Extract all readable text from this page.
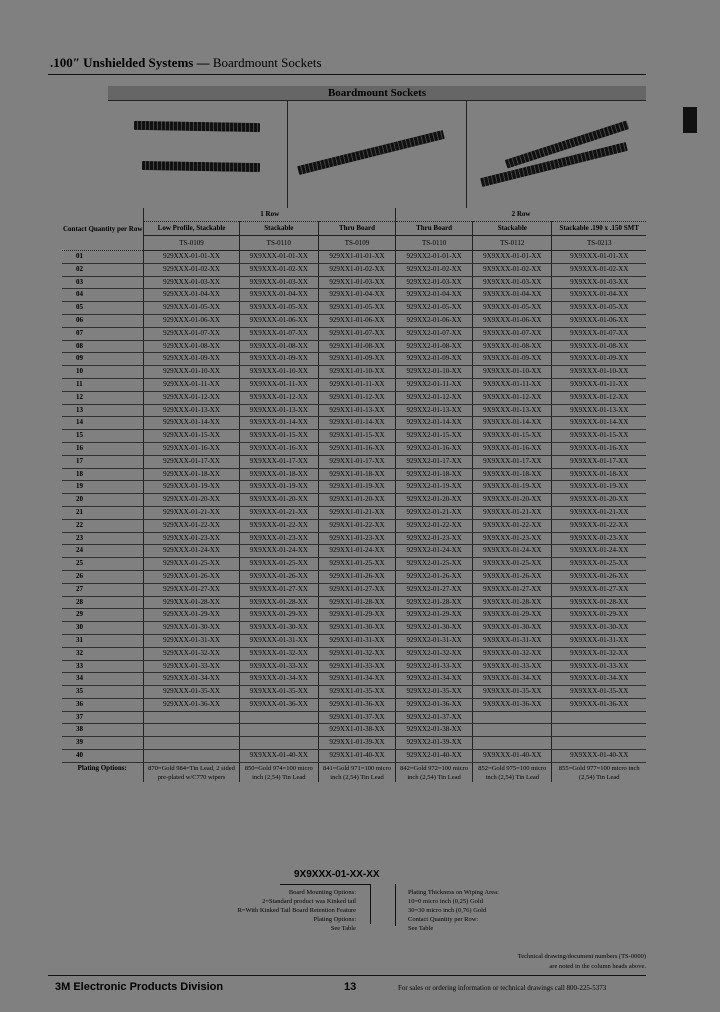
.100″ Unshielded Systems — Boardmount Sockets
Boardmount Sockets
Contact Quantity per Row	1 Row			2 Row		
	Low Profile, Stackable	Stackable	Thru Board	Thru Board	Stackable	Stackable .190 x .150 SMT
	TS-0109	TS-0110	TS-0109	TS-0110	TS-0112	TS-0213
01	929XXX-01-01-XX	9X9XXX-01-01-XX	929XX1-01-01-XX	929XX2-01-01-XX	9X9XXX-01-01-XX	9X9XXX-01-01-XX
02	929XXX-01-02-XX	9X9XXX-01-02-XX	929XX1-01-02-XX	929XX2-01-02-XX	9X9XXX-01-02-XX	9X9XXX-01-02-XX
03	929XXX-01-03-XX	9X9XXX-01-03-XX	929XX1-01-03-XX	929XX2-01-03-XX	9X9XXX-01-03-XX	9X9XXX-01-03-XX
04	929XXX-01-04-XX	9X9XXX-01-04-XX	929XX1-01-04-XX	929XX2-01-04-XX	9X9XXX-01-04-XX	9X9XXX-01-04-XX
05	929XXX-01-05-XX	9X9XXX-01-05-XX	929XX1-01-05-XX	929XX2-01-05-XX	9X9XXX-01-05-XX	9X9XXX-01-05-XX
06	929XXX-01-06-XX	9X9XXX-01-06-XX	929XX1-01-06-XX	929XX2-01-06-XX	9X9XXX-01-06-XX	9X9XXX-01-06-XX
07	929XXX-01-07-XX	9X9XXX-01-07-XX	929XX1-01-07-XX	929XX2-01-07-XX	9X9XXX-01-07-XX	9X9XXX-01-07-XX
08	929XXX-01-08-XX	9X9XXX-01-08-XX	929XX1-01-08-XX	929XX2-01-08-XX	9X9XXX-01-08-XX	9X9XXX-01-08-XX
09	929XXX-01-09-XX	9X9XXX-01-09-XX	929XX1-01-09-XX	929XX2-01-09-XX	9X9XXX-01-09-XX	9X9XXX-01-09-XX
10	929XXX-01-10-XX	9X9XXX-01-10-XX	929XX1-01-10-XX	929XX2-01-10-XX	9X9XXX-01-10-XX	9X9XXX-01-10-XX
11	929XXX-01-11-XX	9X9XXX-01-11-XX	929XX1-01-11-XX	929XX2-01-11-XX	9X9XXX-01-11-XX	9X9XXX-01-11-XX
12	929XXX-01-12-XX	9X9XXX-01-12-XX	929XX1-01-12-XX	929XX2-01-12-XX	9X9XXX-01-12-XX	9X9XXX-01-12-XX
13	929XXX-01-13-XX	9X9XXX-01-13-XX	929XX1-01-13-XX	929XX2-01-13-XX	9X9XXX-01-13-XX	9X9XXX-01-13-XX
14	929XXX-01-14-XX	9X9XXX-01-14-XX	929XX1-01-14-XX	929XX2-01-14-XX	9X9XXX-01-14-XX	9X9XXX-01-14-XX
15	929XXX-01-15-XX	9X9XXX-01-15-XX	929XX1-01-15-XX	929XX2-01-15-XX	9X9XXX-01-15-XX	9X9XXX-01-15-XX
16	929XXX-01-16-XX	9X9XXX-01-16-XX	929XX1-01-16-XX	929XX2-01-16-XX	9X9XXX-01-16-XX	9X9XXX-01-16-XX
17	929XXX-01-17-XX	9X9XXX-01-17-XX	929XX1-01-17-XX	929XX2-01-17-XX	9X9XXX-01-17-XX	9X9XXX-01-17-XX
18	929XXX-01-18-XX	9X9XXX-01-18-XX	929XX1-01-18-XX	929XX2-01-18-XX	9X9XXX-01-18-XX	9X9XXX-01-18-XX
19	929XXX-01-19-XX	9X9XXX-01-19-XX	929XX1-01-19-XX	929XX2-01-19-XX	9X9XXX-01-19-XX	9X9XXX-01-19-XX
20	929XXX-01-20-XX	9X9XXX-01-20-XX	929XX1-01-20-XX	929XX2-01-20-XX	9X9XXX-01-20-XX	9X9XXX-01-20-XX
21	929XXX-01-21-XX	9X9XXX-01-21-XX	929XX1-01-21-XX	929XX2-01-21-XX	9X9XXX-01-21-XX	9X9XXX-01-21-XX
22	929XXX-01-22-XX	9X9XXX-01-22-XX	929XX1-01-22-XX	929XX2-01-22-XX	9X9XXX-01-22-XX	9X9XXX-01-22-XX
23	929XXX-01-23-XX	9X9XXX-01-23-XX	929XX1-01-23-XX	929XX2-01-23-XX	9X9XXX-01-23-XX	9X9XXX-01-23-XX
24	929XXX-01-24-XX	9X9XXX-01-24-XX	929XX1-01-24-XX	929XX2-01-24-XX	9X9XXX-01-24-XX	9X9XXX-01-24-XX
25	929XXX-01-25-XX	9X9XXX-01-25-XX	929XX1-01-25-XX	929XX2-01-25-XX	9X9XXX-01-25-XX	9X9XXX-01-25-XX
26	929XXX-01-26-XX	9X9XXX-01-26-XX	929XX1-01-26-XX	929XX2-01-26-XX	9X9XXX-01-26-XX	9X9XXX-01-26-XX
27	929XXX-01-27-XX	9X9XXX-01-27-XX	929XX1-01-27-XX	929XX2-01-27-XX	9X9XXX-01-27-XX	9X9XXX-01-27-XX
28	929XXX-01-28-XX	9X9XXX-01-28-XX	929XX1-01-28-XX	929XX2-01-28-XX	9X9XXX-01-28-XX	9X9XXX-01-28-XX
29	929XXX-01-29-XX	9X9XXX-01-29-XX	929XX1-01-29-XX	929XX2-01-29-XX	9X9XXX-01-29-XX	9X9XXX-01-29-XX
30	929XXX-01-30-XX	9X9XXX-01-30-XX	929XX1-01-30-XX	929XX2-01-30-XX	9X9XXX-01-30-XX	9X9XXX-01-30-XX
31	929XXX-01-31-XX	9X9XXX-01-31-XX	929XX1-01-31-XX	929XX2-01-31-XX	9X9XXX-01-31-XX	9X9XXX-01-31-XX
32	929XXX-01-32-XX	9X9XXX-01-32-XX	929XX1-01-32-XX	929XX2-01-32-XX	9X9XXX-01-32-XX	9X9XXX-01-32-XX
33	929XXX-01-33-XX	9X9XXX-01-33-XX	929XX1-01-33-XX	929XX2-01-33-XX	9X9XXX-01-33-XX	9X9XXX-01-33-XX
34	929XXX-01-34-XX	9X9XXX-01-34-XX	929XX1-01-34-XX	929XX2-01-34-XX	9X9XXX-01-34-XX	9X9XXX-01-34-XX
35	929XXX-01-35-XX	9X9XXX-01-35-XX	929XX1-01-35-XX	929XX2-01-35-XX	9X9XXX-01-35-XX	9X9XXX-01-35-XX
36	929XXX-01-36-XX	9X9XXX-01-36-XX	929XX1-01-36-XX	929XX2-01-36-XX	9X9XXX-01-36-XX	9X9XXX-01-36-XX
37			929XX1-01-37-XX	929XX2-01-37-XX		
38			929XX1-01-38-XX	929XX2-01-38-XX		
39			929XX1-01-39-XX	929XX2-01-39-XX		
40		9X9XXX-01-40-XX	929XX1-01-40-XX	929XX2-01-40-XX	9X9XXX-01-40-XX	9X9XXX-01-40-XX
Plating Options:	870=Gold 984=Tin Lead, 2 sided pre-plated w/C770 wipers	850=Gold 974=100 micro inch (2,54) Tin Lead	841=Gold 971=100 micro inch (2,54) Tin Lead	842=Gold 972=100 micro inch (2,54) Tin Lead	852=Gold 975=100 micro inch (2,54) Tin Lead	855=Gold 977=100 micro inch (2,54) Tin Lead
9X9XXX-01-XX-XX
Board Mounting Options:
2=Standard product was Kinked tail
R=With Kinked Tail Board Retention Feature
Plating Options:
See Table
Plating Thickness on Wiping Area:
10=0 micro inch (0,25) Gold
30=30 micro inch (0,76) Gold
Contact Quantity per Row:
See Table
Technical drawing/document numbers (TS-0000)
are noted in the column heads above.
3M Electronic Products Division	13	For sales or ordering information or technical drawings call 800-225-5373
